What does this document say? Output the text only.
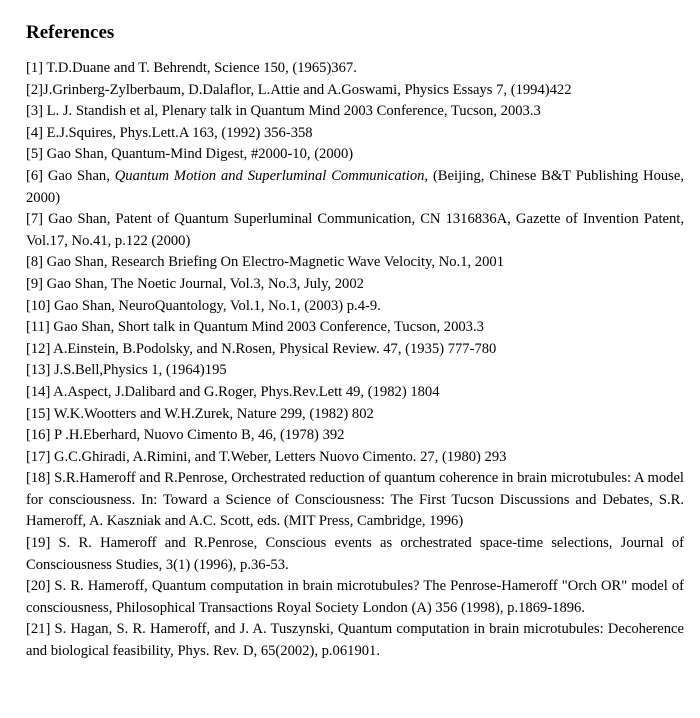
References
[1] T.D.Duane and T. Behrendt, Science 150, (1965)367.
[2]J.Grinberg-Zylberbaum, D.Dalaflor, L.Attie and A.Goswami, Physics Essays 7, (1994)422
[3] L. J. Standish et al, Plenary talk in Quantum Mind 2003 Conference, Tucson, 2003.3
[4] E.J.Squires, Phys.Lett.A 163, (1992) 356-358
[5] Gao Shan, Quantum-Mind Digest, #2000-10, (2000)
[6] Gao Shan, Quantum Motion and Superluminal Communication, (Beijing, Chinese B&T Publishing House, 2000)
[7] Gao Shan, Patent of Quantum Superluminal Communication, CN 1316836A, Gazette of Invention Patent, Vol.17, No.41, p.122 (2000)
[8] Gao Shan, Research Briefing On Electro-Magnetic Wave Velocity, No.1, 2001
[9] Gao Shan, The Noetic Journal, Vol.3, No.3, July, 2002
[10] Gao Shan, NeuroQuantology, Vol.1, No.1, (2003) p.4-9.
[11] Gao Shan, Short talk in Quantum Mind 2003 Conference, Tucson, 2003.3
[12] A.Einstein, B.Podolsky, and N.Rosen, Physical Review. 47, (1935) 777-780
[13] J.S.Bell,Physics 1, (1964)195
[14] A.Aspect, J.Dalibard and G.Roger, Phys.Rev.Lett 49, (1982) 1804
[15] W.K.Wootters and W.H.Zurek, Nature 299, (1982) 802
[16] P .H.Eberhard, Nuovo Cimento B, 46, (1978) 392
[17] G.C.Ghiradi, A.Rimini, and T.Weber, Letters Nuovo Cimento. 27, (1980) 293
[18] S.R.Hameroff and R.Penrose, Orchestrated reduction of quantum coherence in brain microtubules: A model for consciousness. In: Toward a Science of Consciousness: The First Tucson Discussions and Debates, S.R. Hameroff, A. Kaszniak and A.C. Scott, eds. (MIT Press, Cambridge, 1996)
[19] S. R. Hameroff and R.Penrose, Conscious events as orchestrated space-time selections, Journal of Consciousness Studies, 3(1) (1996), p.36-53.
[20] S. R. Hameroff, Quantum computation in brain microtubules? The Penrose-Hameroff "Orch OR" model of consciousness, Philosophical Transactions Royal Society London (A) 356 (1998), p.1869-1896.
[21] S. Hagan, S. R. Hameroff, and J. A. Tuszynski, Quantum computation in brain microtubules: Decoherence and biological feasibility, Phys. Rev. D, 65(2002), p.061901.
